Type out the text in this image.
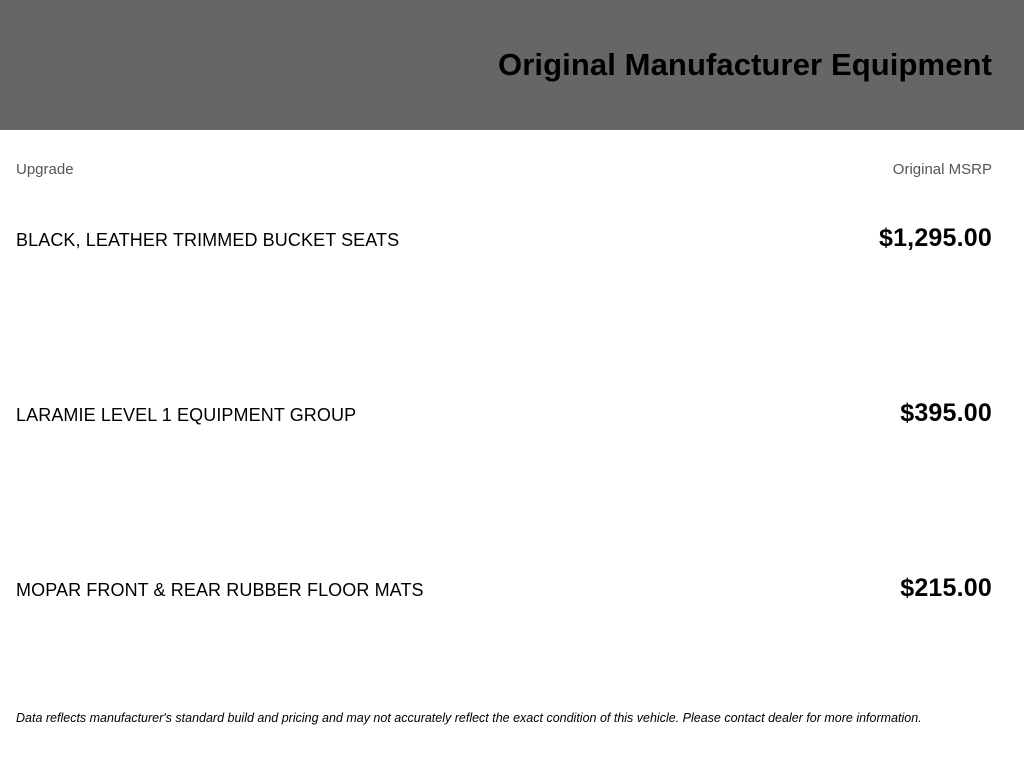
Original Manufacturer Equipment
Upgrade	Original MSRP
BLACK, LEATHER TRIMMED BUCKET SEATS	$1,295.00
LARAMIE LEVEL 1 EQUIPMENT GROUP	$395.00
MOPAR FRONT & REAR RUBBER FLOOR MATS	$215.00
Data reflects manufacturer's standard build and pricing and may not accurately reflect the exact condition of this vehicle. Please contact dealer for more information.
